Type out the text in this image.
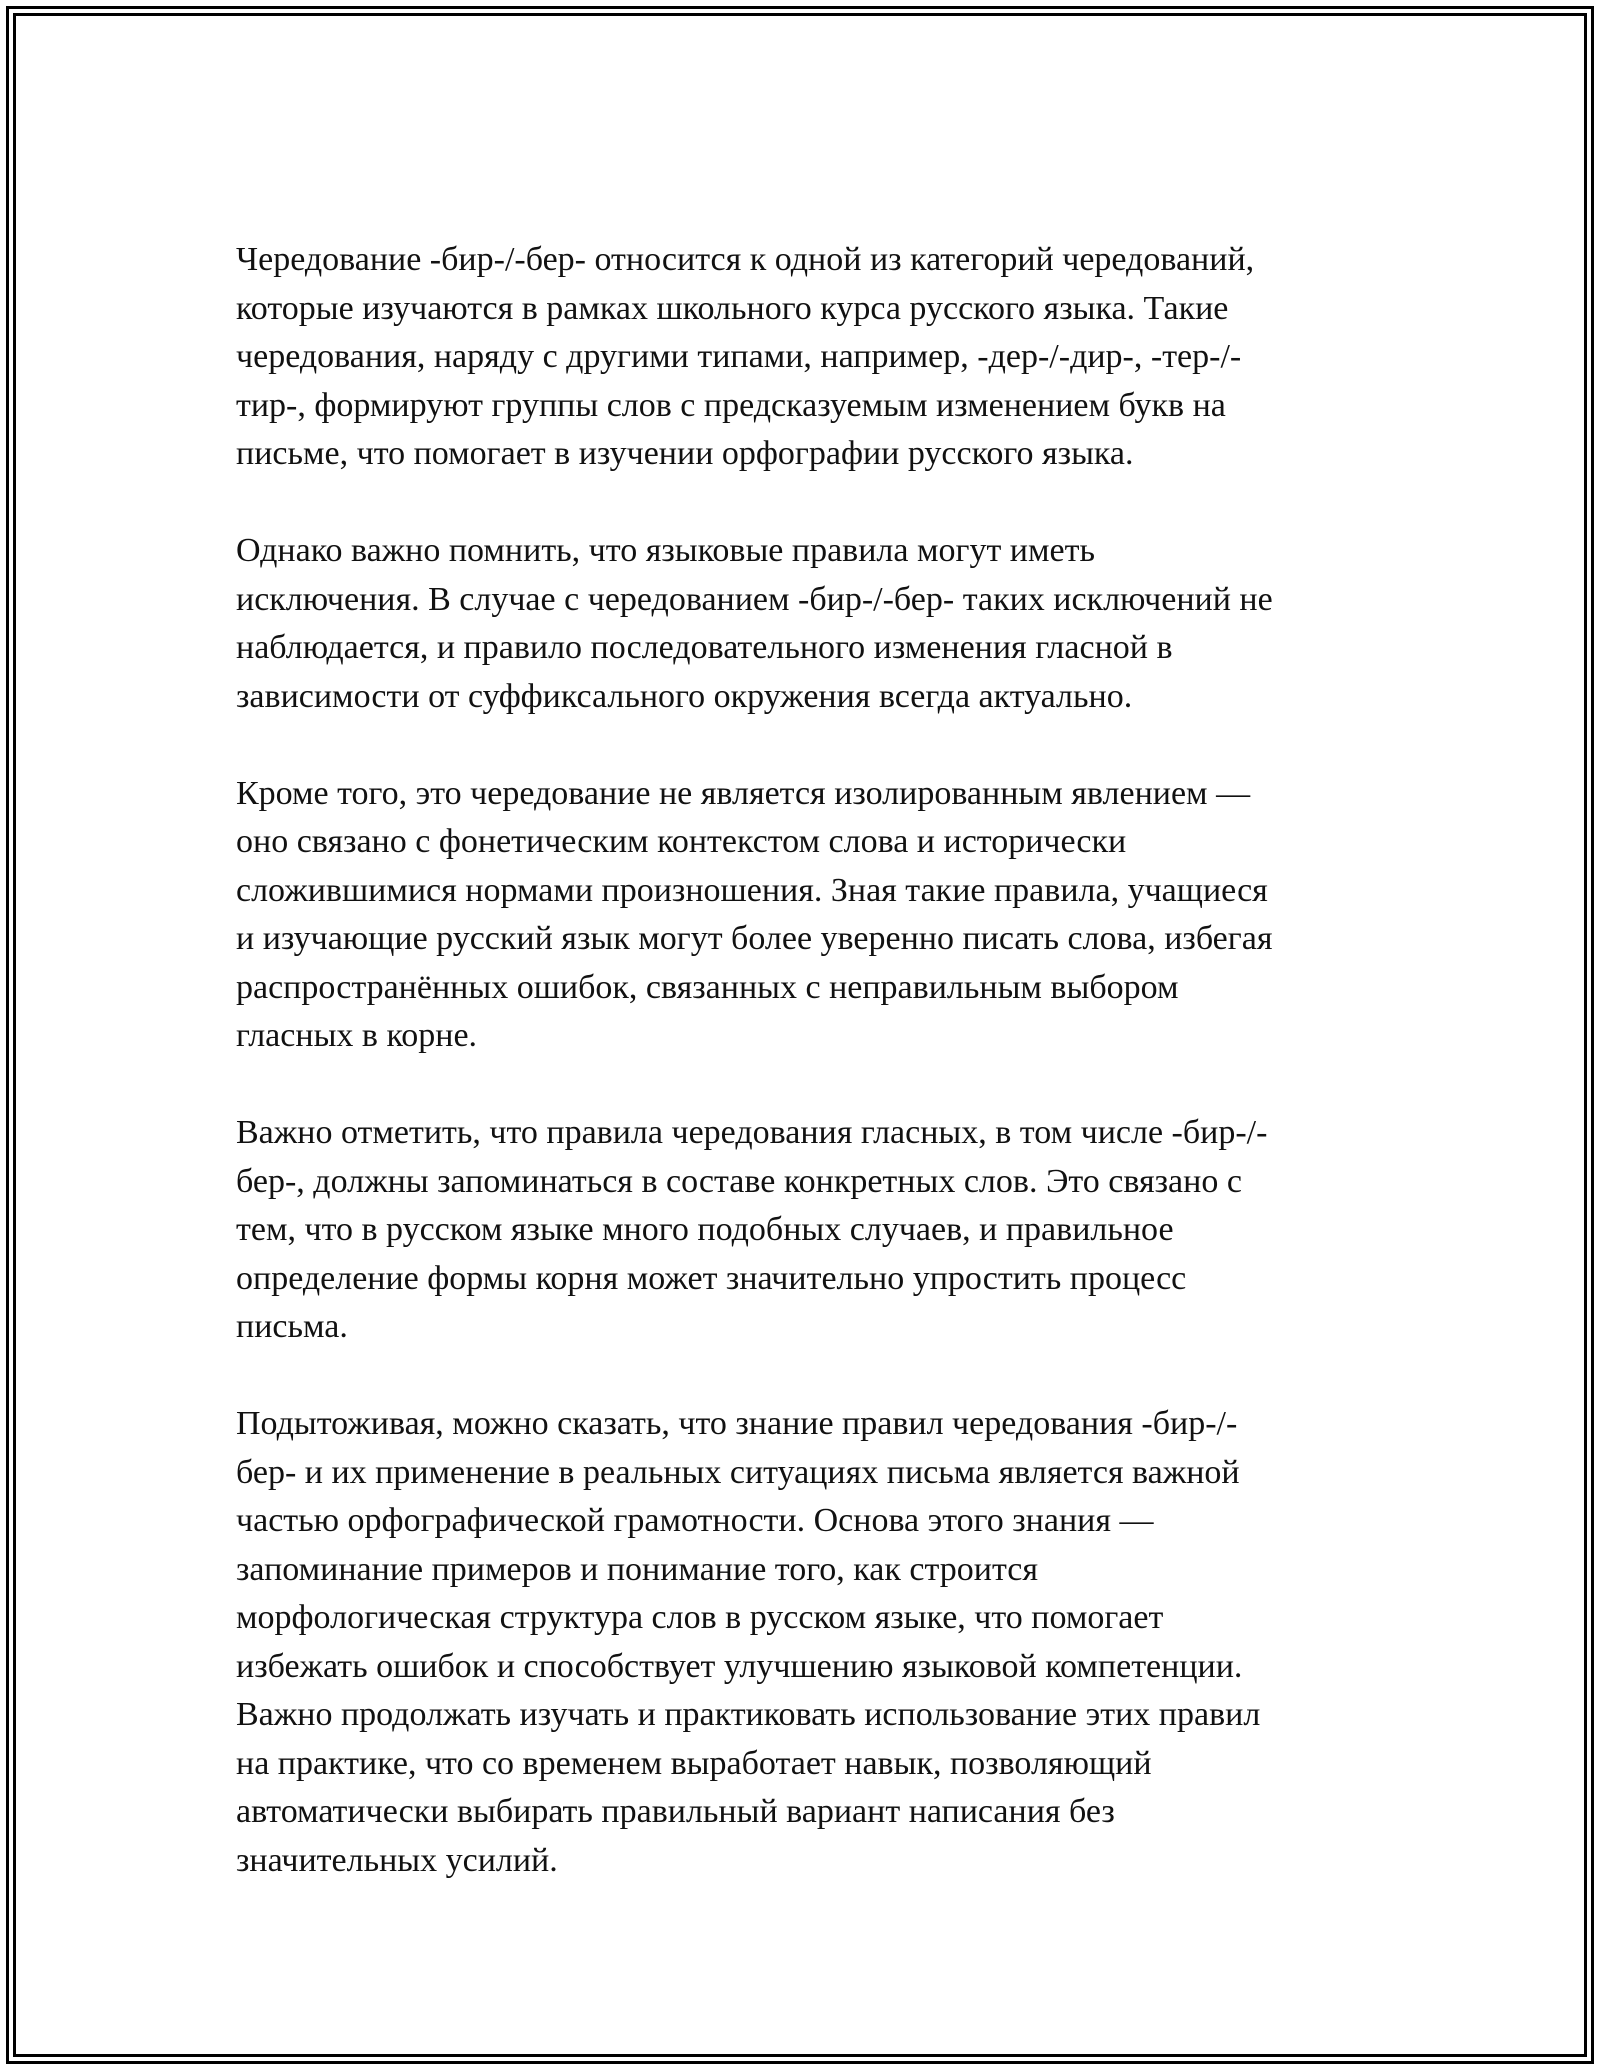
Чередование -бир-/-бер- относится к одной из категорий чередований,
которые изучаются в рамках школьного курса русского языка. Такие
чередования, наряду с другими типами, например, -дер-/-дир-, -тер-/-
тир-, формируют группы слов с предсказуемым изменением букв на
письме, что помогает в изучении орфографии русского языка.

Однако важно помнить, что языковые правила могут иметь
исключения. В случае с чередованием -бир-/-бер- таких исключений не
наблюдается, и правило последовательного изменения гласной в
зависимости от суффиксального окружения всегда актуально.

Кроме того, это чередование не является изолированным явлением —
оно связано с фонетическим контекстом слова и исторически
сложившимися нормами произношения. Зная такие правила, учащиеся
и изучающие русский язык могут более уверенно писать слова, избегая
распространённых ошибок, связанных с неправильным выбором
гласных в корне.

Важно отметить, что правила чередования гласных, в том числе -бир-/-
бер-, должны запоминаться в составе конкретных слов. Это связано с
тем, что в русском языке много подобных случаев, и правильное
определение формы корня может значительно упростить процесс
письма.

Подытоживая, можно сказать, что знание правил чередования -бир-/-
бер- и их применение в реальных ситуациях письма является важной
частью орфографической грамотности. Основа этого знания —
запоминание примеров и понимание того, как строится
морфологическая структура слов в русском языке, что помогает
избежать ошибок и способствует улучшению языковой компетенции.
Важно продолжать изучать и практиковать использование этих правил
на практике, что со временем выработает навык, позволяющий
автоматически выбирать правильный вариант написания без
значительных усилий.
